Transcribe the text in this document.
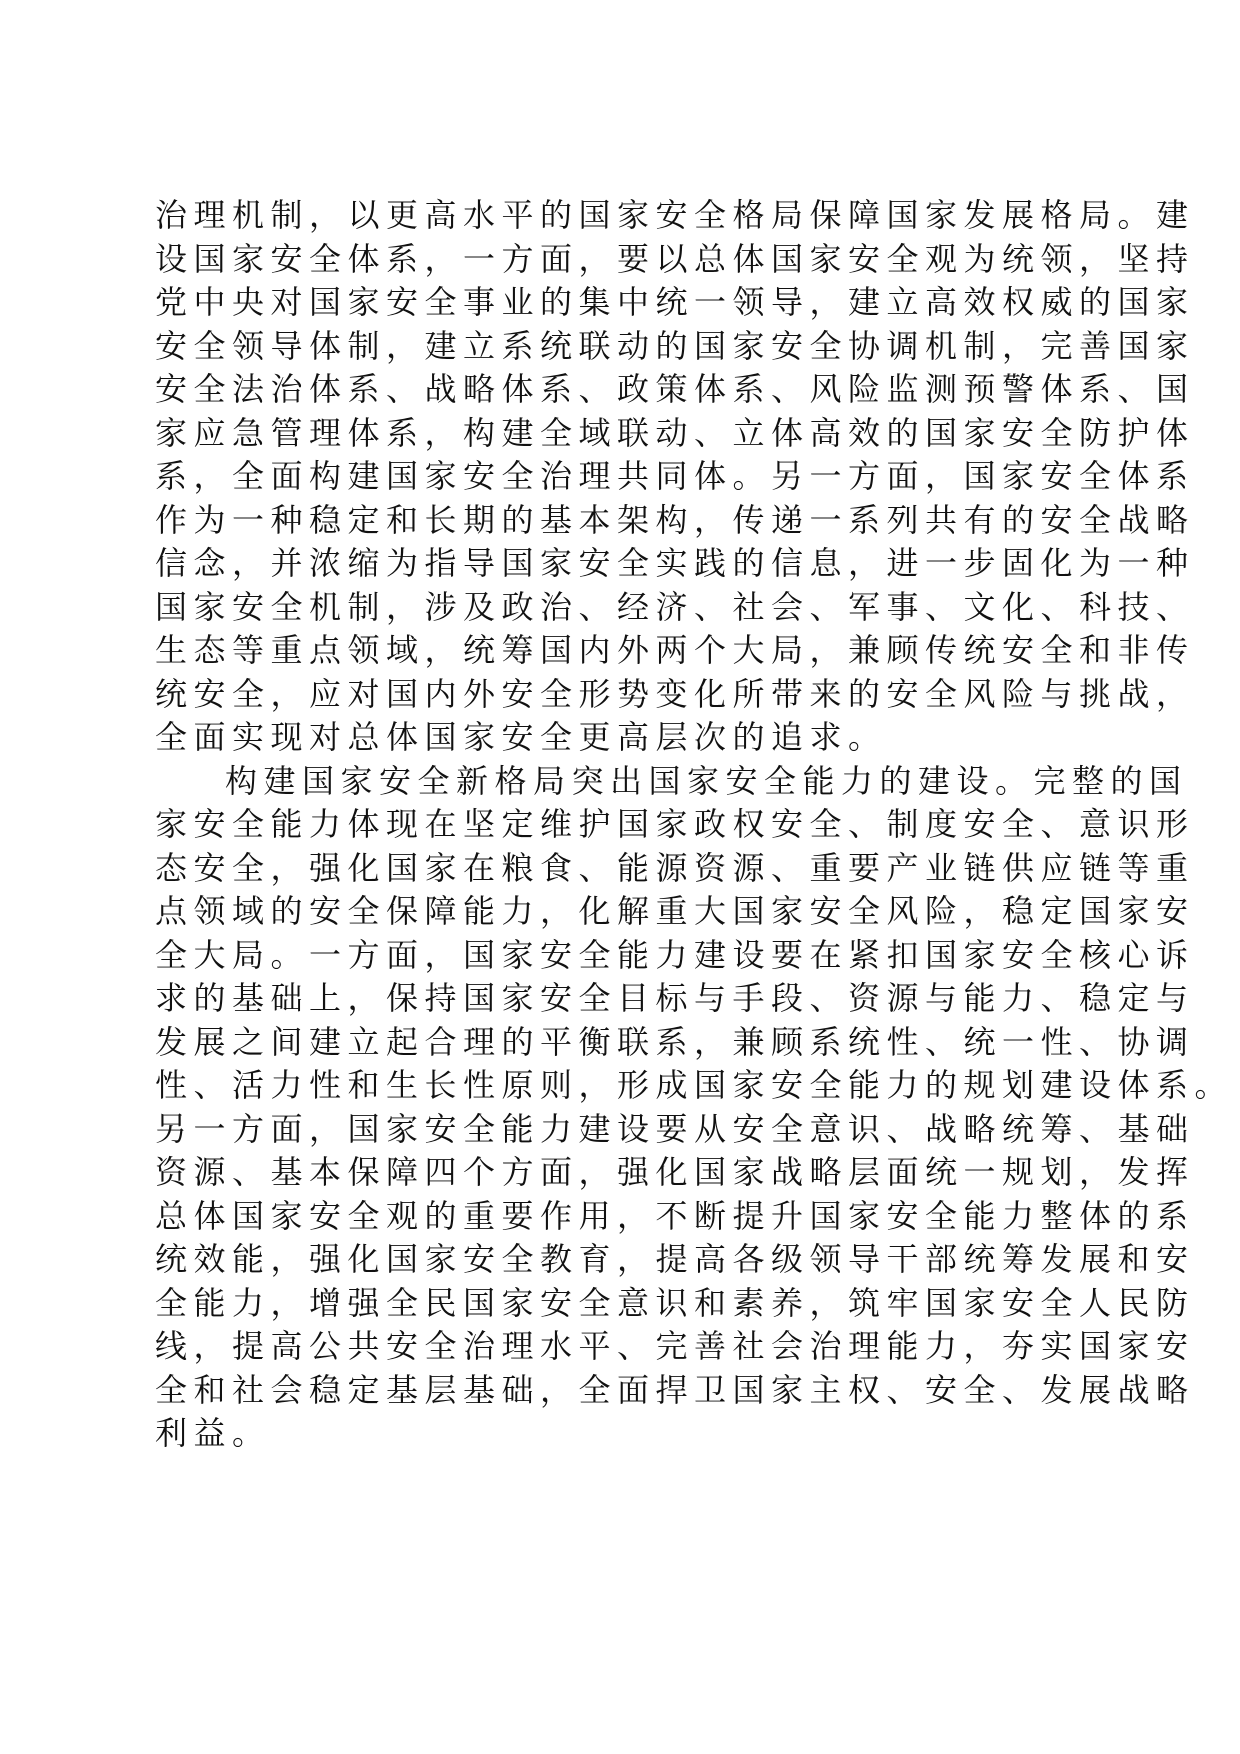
治理机制，以更高水平的国家安全格局保障国家发展格局。建
设国家安全体系，一方面，要以总体国家安全观为统领，坚持
党中央对国家安全事业的集中统一领导，建立高效权威的国家
安全领导体制，建立系统联动的国家安全协调机制，完善国家
安全法治体系、战略体系、政策体系、风险监测预警体系、国
家应急管理体系，构建全域联动、立体高效的国家安全防护体
系，全面构建国家安全治理共同体。另一方面，国家安全体系
作为一种稳定和长期的基本架构，传递一系列共有的安全战略
信念，并浓缩为指导国家安全实践的信息，进一步固化为一种
国家安全机制，涉及政治、经济、社会、军事、文化、科技、
生态等重点领域，统筹国内外两个大局，兼顾传统安全和非传
统安全，应对国内外安全形势变化所带来的安全风险与挑战，
全面实现对总体国家安全更高层次的追求。
构建国家安全新格局突出国家安全能力的建设。完整的国
家安全能力体现在坚定维护国家政权安全、制度安全、意识形
态安全，强化国家在粮食、能源资源、重要产业链供应链等重
点领域的安全保障能力，化解重大国家安全风险，稳定国家安
全大局。一方面，国家安全能力建设要在紧扣国家安全核心诉
求的基础上，保持国家安全目标与手段、资源与能力、稳定与
发展之间建立起合理的平衡联系，兼顾系统性、统一性、协调
性、活力性和生长性原则，形成国家安全能力的规划建设体系。
另一方面，国家安全能力建设要从安全意识、战略统筹、基础
资源、基本保障四个方面，强化国家战略层面统一规划，发挥
总体国家安全观的重要作用，不断提升国家安全能力整体的系
统效能，强化国家安全教育，提高各级领导干部统筹发展和安
全能力，增强全民国家安全意识和素养，筑牢国家安全人民防
线，提高公共安全治理水平、完善社会治理能力，夯实国家安
全和社会稳定基层基础，全面捍卫国家主权、安全、发展战略
利益。
